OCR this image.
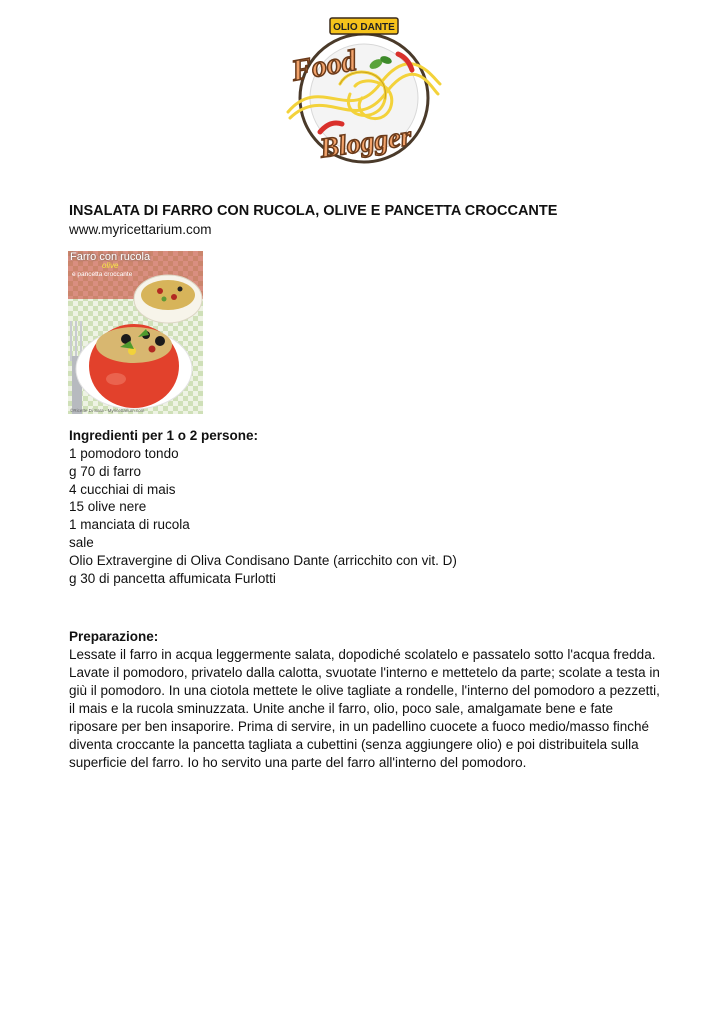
OLIO DANTE
Food
Blogger
INSALATA DI FARRO CON RUCOLA, OLIVE E PANCETTA CROCCANTE

www.myricettarium.com

Farro con rucola
olive
e pancetta croccante
©Ricette Di Sara - Myricettarium.com
Ingredienti per 1 o 2 persone:
1 pomodoro tondo
g 70 di farro
4 cucchiai di mais
15 olive nere
1 manciata di rucola
sale
Olio Extravergine di Oliva Condisano Dante (arricchito con vit. D)
g 30 di pancetta affumicata Furlotti
Preparazione:

Lessate il farro in acqua leggermente salata, dopodiché scolatelo e passatelo sotto l'acqua fredda. Lavate il pomodoro, privatelo dalla calotta, svuotate l'interno e mettetelo da parte; scolate a testa in giù il pomodoro. In una ciotola mettete le olive tagliate a rondelle, l'interno del pomodoro a pezzetti, il mais e la rucola sminuzzata. Unite anche il farro, olio, poco sale, amalgamate bene e fate riposare per ben insaporire. Prima di servire, in un padellino cuocete a fuoco medio/masso finché diventa croccante la pancetta tagliata a cubettini (senza aggiungere olio) e poi distribuitela sulla superficie del farro. Io ho servito una parte del farro all'interno del pomodoro.
